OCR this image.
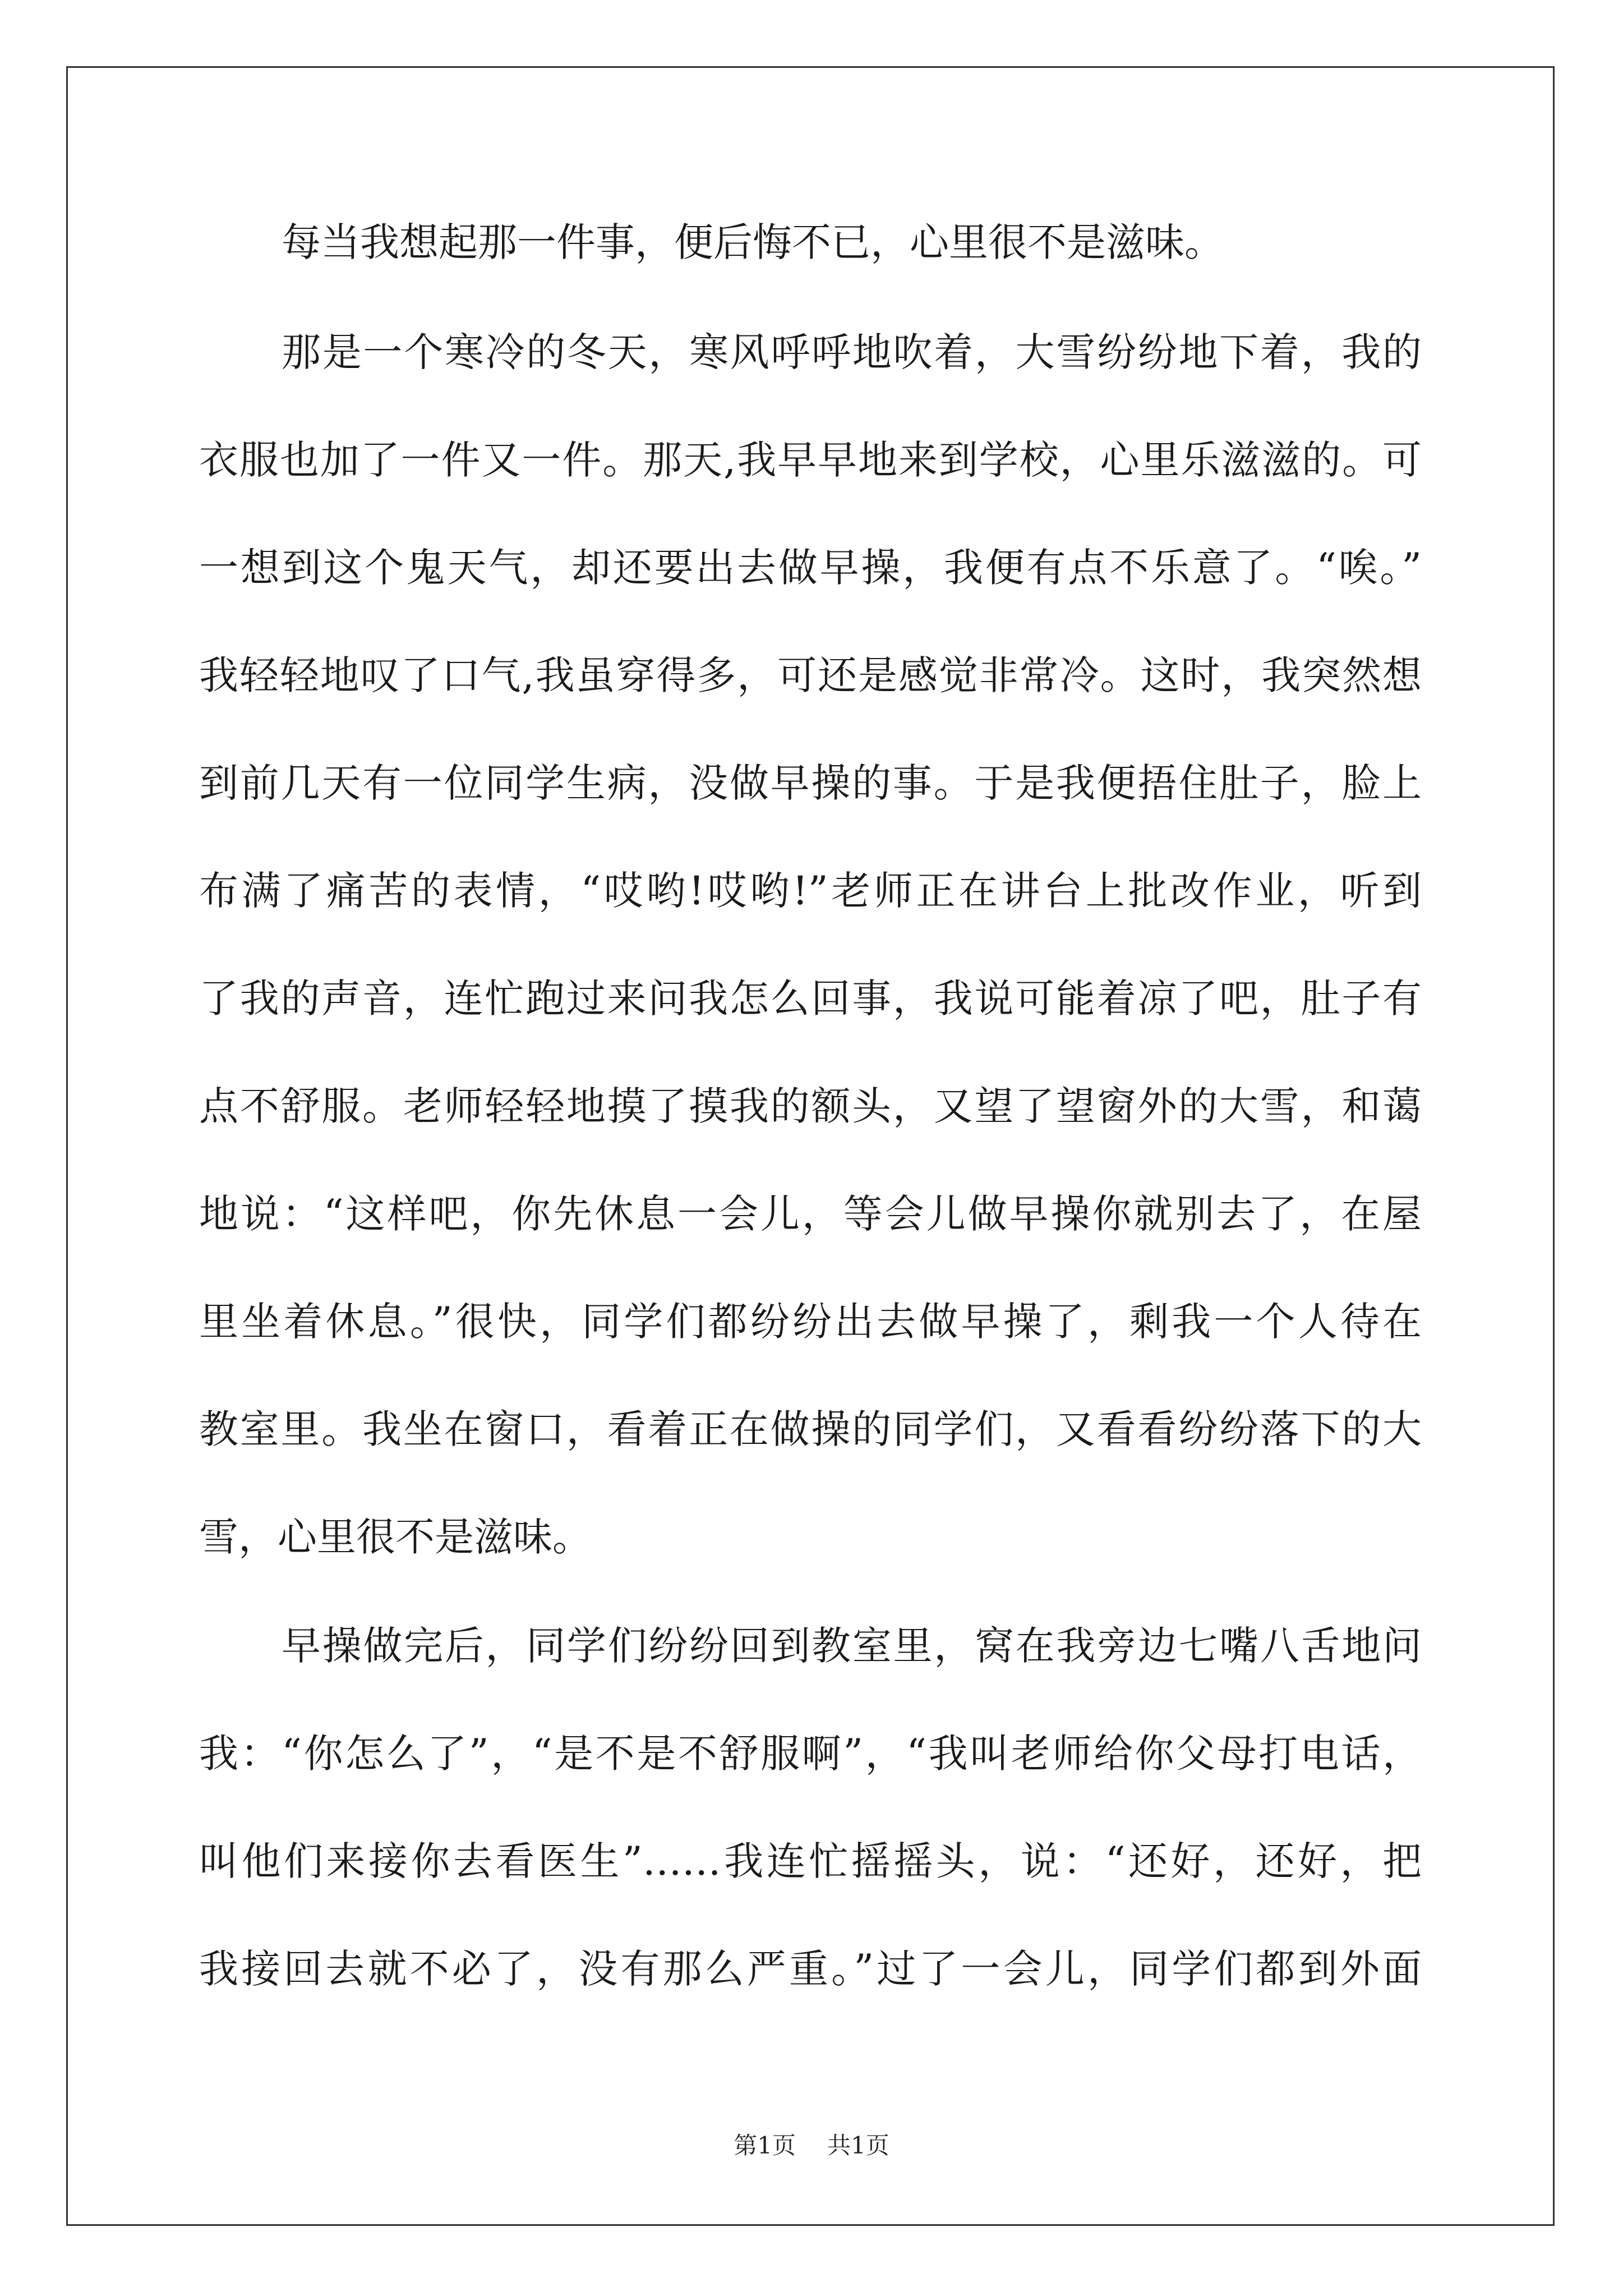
每当我想起那一件事，便后悔不已，心里很不是滋味。
那是一个寒冷的冬天，寒风呼呼地吹着，大雪纷纷地下着，我的
衣服也加了一件又一件。那天,我早早地来到学校，心里乐滋滋的。可
一想到这个鬼天气，却还要出去做早操，我便有点不乐意了。“唉。”
我轻轻地叹了口气,我虽穿得多，可还是感觉非常冷。这时，我突然想
到前几天有一位同学生病，没做早操的事。于是我便捂住肚子，脸上
布满了痛苦的表情，“哎哟!哎哟!”老师正在讲台上批改作业，听到
了我的声音，连忙跑过来问我怎么回事，我说可能着凉了吧，肚子有
点不舒服。老师轻轻地摸了摸我的额头，又望了望窗外的大雪，和蔼
地说：“这样吧，你先休息一会儿，等会儿做早操你就别去了，在屋
里坐着休息。”很快，同学们都纷纷出去做早操了，剩我一个人待在
教室里。我坐在窗口，看着正在做操的同学们，又看看纷纷落下的大
雪，心里很不是滋味。
早操做完后，同学们纷纷回到教室里，窝在我旁边七嘴八舌地问
我：“你怎么了”，“是不是不舒服啊”，“我叫老师给你父母打电话，
叫他们来接你去看医生”……我连忙摇摇头，说：“还好，还好，把
我接回去就不必了，没有那么严重。”过了一会儿，同学们都到外面
第1页 共1页
